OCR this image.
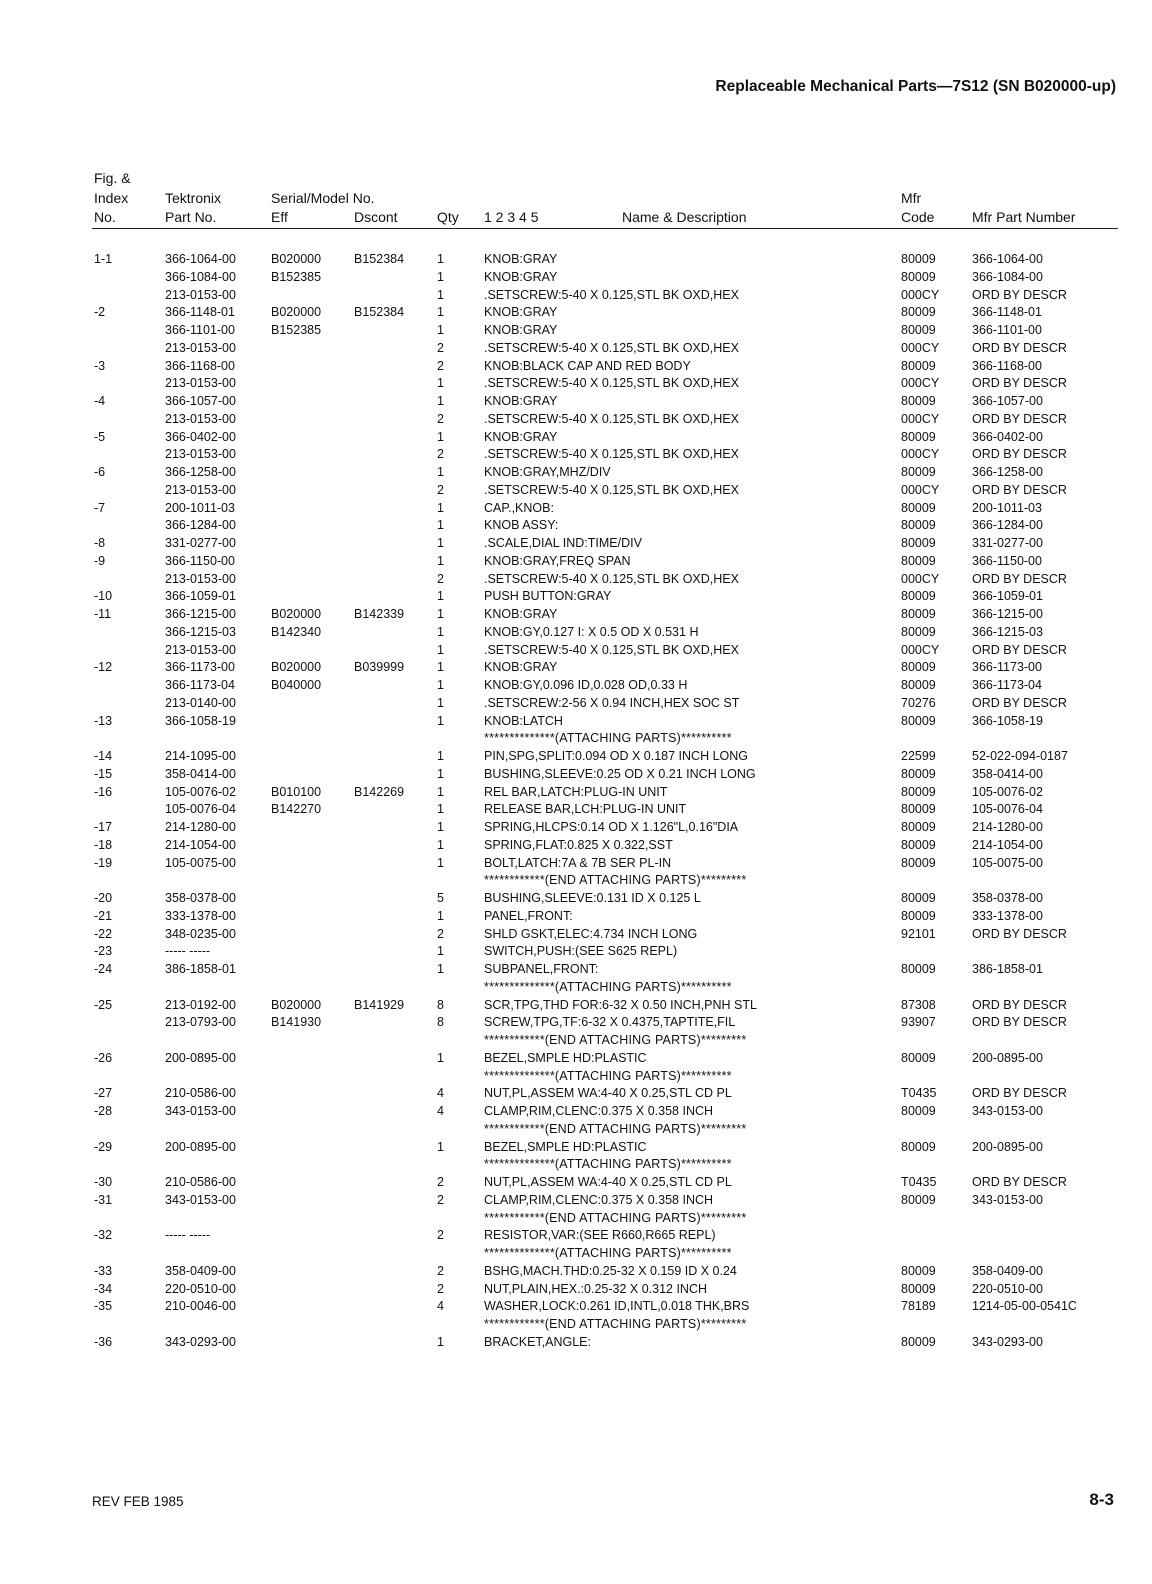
Replaceable Mechanical Parts—7S12 (SN B020000-up)
Fig. &
Index
No.
Tektronix
Part No.
Serial/Model No.
Eff	Dscont	Qty 1 2 3 4 5	Name & Description
Mfr
Code	Mfr Part Number
1-1	366-1064-00	B020000	B152384	1	KNOB:GRAY	80009	366-1064-00
366-1084-00	B152385	1	KNOB:GRAY	80009	366-1084-00
213-0153-00	1	.SETSCREW:5-40 X 0.125,STL BK OXD,HEX	000CY	ORD BY DESCR
-2	366-1148-01	B020000	B152384	1	KNOB:GRAY	80009	366-1148-01
366-1101-00	B152385	1	KNOB:GRAY	80009	366-1101-00
213-0153-00	2	.SETSCREW:5-40 X 0.125,STL BK OXD,HEX	000CY	ORD BY DESCR
-3	366-1168-00	2	KNOB:BLACK CAP AND RED BODY	80009	366-1168-00
213-0153-00	1	.SETSCREW:5-40 X 0.125,STL BK OXD,HEX	000CY	ORD BY DESCR
-4	366-1057-00	1	KNOB:GRAY	80009	366-1057-00
213-0153-00	2	.SETSCREW:5-40 X 0.125,STL BK OXD,HEX	000CY	ORD BY DESCR
-5	366-0402-00	1	KNOB:GRAY	80009	366-0402-00
213-0153-00	2	.SETSCREW:5-40 X 0.125,STL BK OXD,HEX	000CY	ORD BY DESCR
-6	366-1258-00	1	KNOB:GRAY,MHZ/DIV	80009	366-1258-00
213-0153-00	2	.SETSCREW:5-40 X 0.125,STL BK OXD,HEX	000CY	ORD BY DESCR
-7	200-1011-03	1	CAP.,KNOB:	80009	200-1011-03
366-1284-00	1	KNOB ASSY:	80009	366-1284-00
-8	331-0277-00	1	.SCALE,DIAL IND:TIME/DIV	80009	331-0277-00
-9	366-1150-00	1	KNOB:GRAY,FREQ SPAN	80009	366-1150-00
213-0153-00	2	.SETSCREW:5-40 X 0.125,STL BK OXD,HEX	000CY	ORD BY DESCR
-10	366-1059-01	1	PUSH BUTTON:GRAY	80009	366-1059-01
-11	366-1215-00	B020000	B142339	1	KNOB:GRAY	80009	366-1215-00
366-1215-03	B142340	1	KNOB:GY,0.127 I: X 0.5 OD X 0.531 H	80009	366-1215-03
213-0153-00	1	.SETSCREW:5-40 X 0.125,STL BK OXD,HEX	000CY	ORD BY DESCR
-12	366-1173-00	B020000	B039999	1	KNOB:GRAY	80009	366-1173-00
366-1173-04	B040000	1	KNOB:GY,0.096 ID,0.028 OD,0.33 H	80009	366-1173-04
213-0140-00	1	.SETSCREW:2-56 X 0.94 INCH,HEX SOC ST	70276	ORD BY DESCR
-13	366-1058-19	1	KNOB:LATCH	80009	366-1058-19
**************(ATTACHING PARTS)**********
-14	214-1095-00	1	PIN,SPG,SPLIT:0.094 OD X 0.187 INCH LONG	22599	52-022-094-0187
-15	358-0414-00	1	BUSHING,SLEEVE:0.25 OD X 0.21 INCH LONG	80009	358-0414-00
-16	105-0076-02	B010100	B142269	1	REL BAR,LATCH:PLUG-IN UNIT	80009	105-0076-02
105-0076-04	B142270	1	RELEASE BAR,LCH:PLUG-IN UNIT	80009	105-0076-04
-17	214-1280-00	1	SPRING,HLCPS:0.14 OD X 1.126"L,0.16"DIA	80009	214-1280-00
-18	214-1054-00	1	SPRING,FLAT:0.825 X 0.322,SST	80009	214-1054-00
-19	105-0075-00	1	BOLT,LATCH:7A & 7B SER PL-IN	80009	105-0075-00
************(END ATTACHING PARTS)*********
-20	358-0378-00	5	BUSHING,SLEEVE:0.131 ID X 0.125 L	80009	358-0378-00
-21	333-1378-00	1	PANEL,FRONT:	80009	333-1378-00
-22	348-0235-00	2	SHLD GSKT,ELEC:4.734 INCH LONG	92101	ORD BY DESCR
-23	----- -----	1	SWITCH,PUSH:(SEE S625 REPL)
-24	386-1858-01	1	SUBPANEL,FRONT:	80009	386-1858-01
**************(ATTACHING PARTS)**********
-25	213-0192-00	B020000	B141929	8	SCR,TPG,THD FOR:6-32 X 0.50 INCH,PNH STL	87308	ORD BY DESCR
213-0793-00	B141930	8	SCREW,TPG,TF:6-32 X 0.4375,TAPTITE,FIL	93907	ORD BY DESCR
************(END ATTACHING PARTS)*********
-26	200-0895-00	1	BEZEL,SMPLE HD:PLASTIC	80009	200-0895-00
**************(ATTACHING PARTS)**********
-27	210-0586-00	4	NUT,PL,ASSEM WA:4-40 X 0.25,STL CD PL	T0435	ORD BY DESCR
-28	343-0153-00	4	CLAMP,RIM,CLENC:0.375 X 0.358 INCH	80009	343-0153-00
************(END ATTACHING PARTS)*********
-29	200-0895-00	1	BEZEL,SMPLE HD:PLASTIC	80009	200-0895-00
**************(ATTACHING PARTS)**********
-30	210-0586-00	2	NUT,PL,ASSEM WA:4-40 X 0.25,STL CD PL	T0435	ORD BY DESCR
-31	343-0153-00	2	CLAMP,RIM,CLENC:0.375 X 0.358 INCH	80009	343-0153-00
************(END ATTACHING PARTS)*********
-32	----- -----	2	RESISTOR,VAR:(SEE R660,R665 REPL)
**************(ATTACHING PARTS)**********
-33	358-0409-00	2	BSHG,MACH.THD:0.25-32 X 0.159 ID X 0.24	80009	358-0409-00
-34	220-0510-00	2	NUT,PLAIN,HEX.:0.25-32 X 0.312 INCH	80009	220-0510-00
-35	210-0046-00	4	WASHER,LOCK:0.261 ID,INTL,0.018 THK,BRS	78189	1214-05-00-0541C
************(END ATTACHING PARTS)*********
-36	343-0293-00	1	BRACKET,ANGLE:	80009	343-0293-00
REV FEB 1985	8-3
